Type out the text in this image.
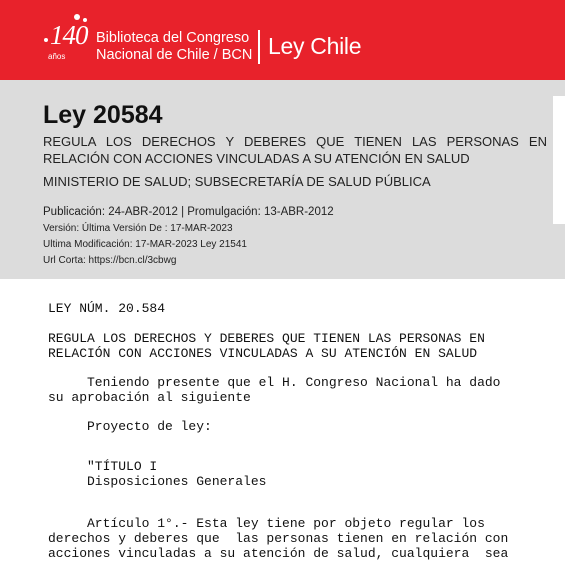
140
años
Biblioteca del Congreso
Nacional de Chile / BCN Ley Chile
Ley 20584
REGULA LOS DERECHOS Y DEBERES QUE TIENEN LAS PERSONAS EN RELACIÓN CON ACCIONES VINCULADAS A SU ATENCIÓN EN SALUD
MINISTERIO DE SALUD; SUBSECRETARÍA DE SALUD PÚBLICA
Publicación: 24-ABR-2012 | Promulgación: 13-ABR-2012
Versión: Última Versión De : 17-MAR-2023
Ultima Modificación: 17-MAR-2023 Ley 21541
Url Corta: https://bcn.cl/3cbwg

LEY NÚM. 20.584

REGULA LOS DERECHOS Y DEBERES QUE TIENEN LAS PERSONAS EN

RELACIÓN CON ACCIONES VINCULADAS A SU ATENCIÓN EN SALUD

Teniendo presente que el H. Congreso Nacional ha dado

su aprobación al siguiente

Proyecto de ley:

"TÍTULO I

Disposiciones Generales

Artículo 1°.- Esta ley tiene por objeto regular los

derechos y deberes que  las personas tienen en relación con

acciones vinculadas a su atención de salud, cualquiera  sea
